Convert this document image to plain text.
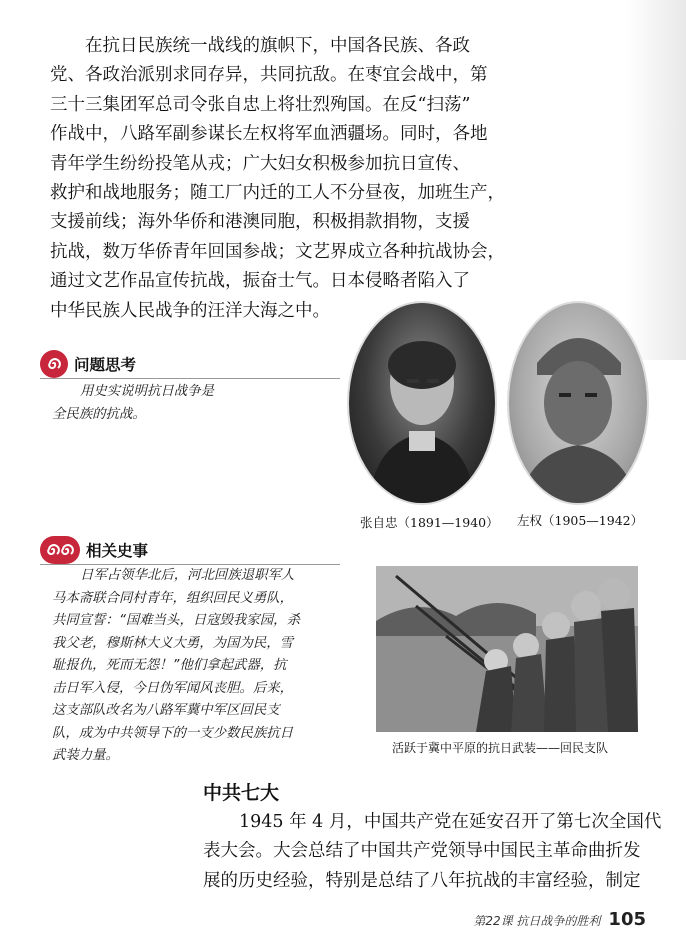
在抗日民族统一战线的旗帜下，中国各民族、各政
党、各政治派别求同存异，共同抗敌。在枣宜会战中，第
三十三集团军总司令张自忠上将壮烈殉国。在反“扫荡”
作战中，八路军副参谋长左权将军血洒疆场。同时，各地
青年学生纷纷投笔从戎；广大妇女积极参加抗日宣传、
救护和战地服务；随工厂内迁的工人不分昼夜，加班生产，
支援前线；海外华侨和港澳同胞，积极捐款捐物，支援
抗战，数万华侨青年回国参战；文艺界成立各种抗战协会，
通过文艺作品宣传抗战，振奋士气。日本侵略者陷入了
中华民族人民战争的汪洋大海之中。
问题思考
用史实说明抗日战争是
全民族的抗战。
张自忠（1891—1940） 左权（1905—1942）
相关史事
日军占领华北后，河北回族退职军人
马本斋联合同村青年，组织回民义勇队，
共同宣誓：“国难当头，日寇毁我家园，杀
我父老，穆斯林大义大勇，为国为民，雪
耻报仇，死而无怨！”他们拿起武器，抗
击日军入侵，今日伪军闻风丧胆。后来，
这支部队改名为八路军冀中军区回民支
队，成为中共领导下的一支少数民族抗日
武装力量。	活跃于冀中平原的抗日武装——回民支队
中共七大
1945 年 4 月，中国共产党在延安召开了第七次全国代
表大会。大会总结了中国共产党领导中国民主革命曲折发
展的历史经验，特别是总结了八年抗战的丰富经验，制定
第22课 抗日战争的胜利 105
